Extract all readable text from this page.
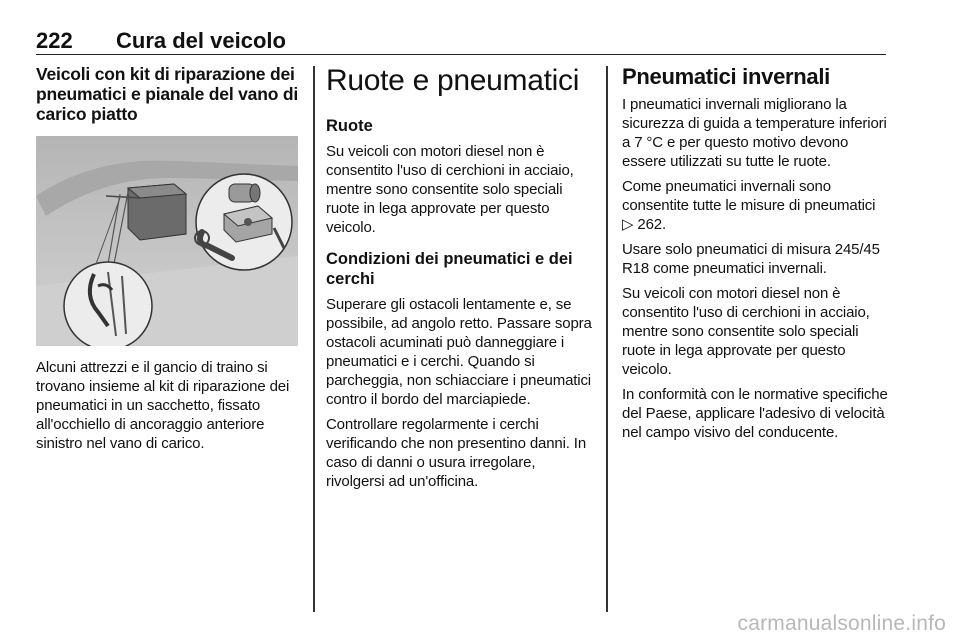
222 Cura del veicolo
Veicoli con kit di riparazione dei pneumatici e pianale del vano di carico piatto

Alcuni attrezzi e il gancio di traino si trovano insieme al kit di riparazione dei pneumatici in un sacchetto, fissato all'occhiello di ancoraggio anteriore sinistro nel vano di carico.

Ruote e pneumatici
Ruote

Su veicoli con motori diesel non è consentito l'uso di cerchioni in acciaio, mentre sono consentite solo speciali ruote in lega approvate per questo veicolo.

Condizioni dei pneumatici e dei cerchi

Superare gli ostacoli lentamente e, se possibile, ad angolo retto. Passare sopra ostacoli acuminati può danneggiare i pneumatici e i cerchi. Quando si parcheggia, non schiacciare i pneumatici contro il bordo del marciapiede.

Controllare regolarmente i cerchi verificando che non presentino danni. In caso di danni o usura irregolare, rivolgersi ad un'officina.

Pneumatici invernali

I pneumatici invernali migliorano la sicurezza di guida a temperature inferiori a 7 °C e per questo motivo devono essere utilizzati su tutte le ruote.

Come pneumatici invernali sono consentite tutte le misure di pneumatici ▷ 262.

Usare solo pneumatici di misura 245/45 R18 come pneumatici invernali.

Su veicoli con motori diesel non è consentito l'uso di cerchioni in acciaio, mentre sono consentite solo speciali ruote in lega approvate per questo veicolo.

In conformità con le normative specifiche del Paese, applicare l'adesivo di velocità nel campo visivo del conducente.

carmanualsonline.info
